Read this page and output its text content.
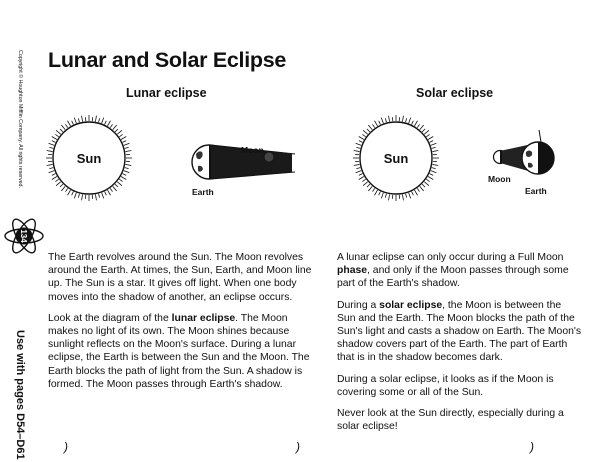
Lunar and Solar Eclipse
Copyright © Houghton Mifflin Company. All rights reserved.
134
Use with pages D54–D61
Lunar eclipse	Solar eclipse
Sun
Moon
Earth
Sun
Moon
Earth

The Earth revolves around the Sun. The Moon revolves around the Earth. At times, the Sun, Earth, and Moon line up. The Sun is a star. It gives off light. When one body moves into the shadow of another, an eclipse occurs.

Look at the diagram of the lunar eclipse. The Moon makes no light of its own. The Moon shines because sunlight reflects on the Moon's surface. During a lunar eclipse, the Earth is between the Sun and the Moon. The Earth blocks the path of light from the Sun. A shadow is formed. The Moon passes through Earth's shadow.

A lunar eclipse can only occur during a Full Moon phase, and only if the Moon passes through some part of the Earth's shadow.

During a solar eclipse, the Moon is between the Sun and the Earth. The Moon blocks the path of the Sun's light and casts a shadow on Earth. The Moon's shadow covers part of the Earth. The part of Earth that is in the shadow becomes dark.

During a solar eclipse, it looks as if the Moon is covering some or all of the Sun.

Never look at the Sun directly, especially during a solar eclipse!

)	)	)
